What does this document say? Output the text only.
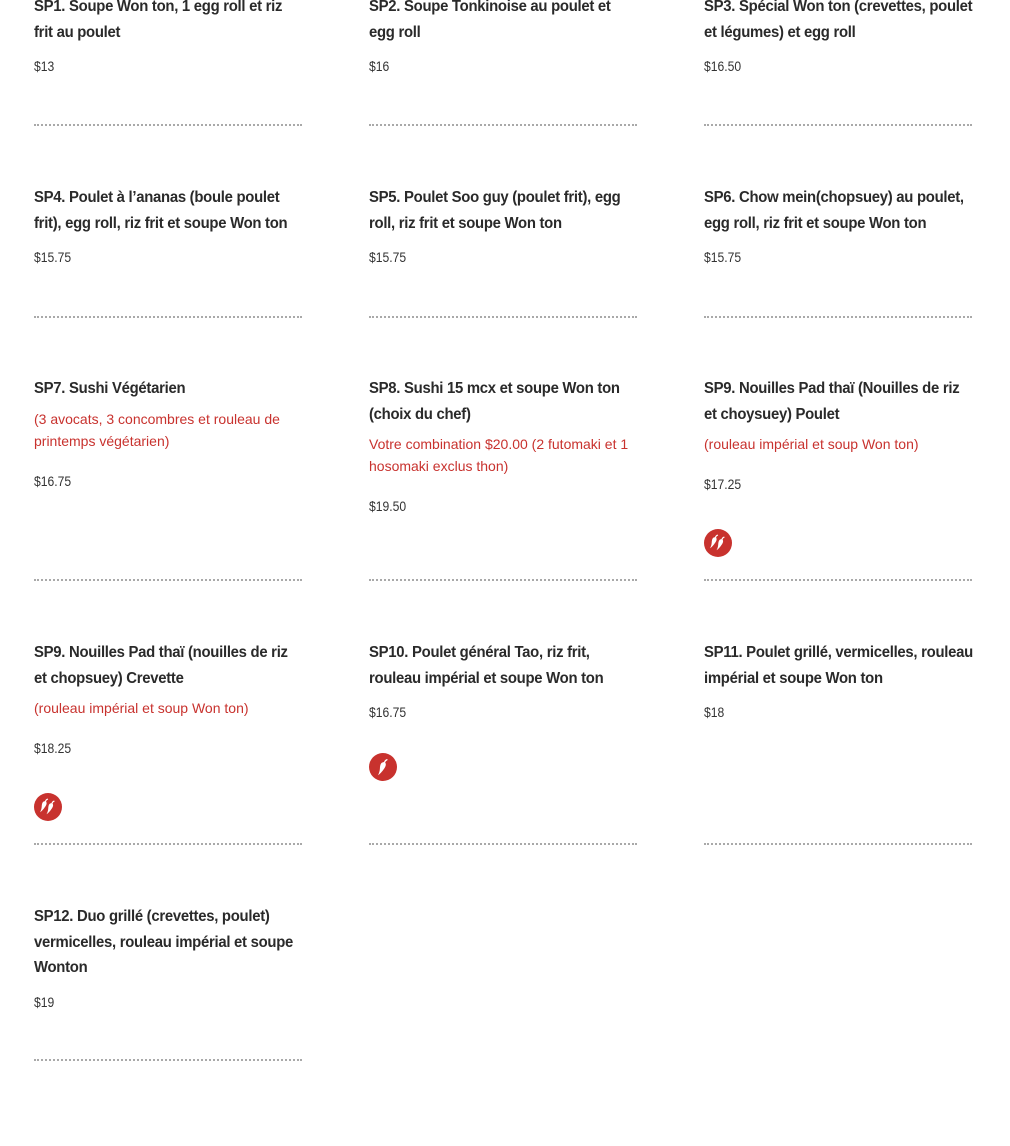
SP1. Soupe Won ton, 1 egg roll et riz frit au poulet

$13

SP2. Soupe Tonkinoise au poulet et egg roll

$16

SP3. Spécial Won ton (crevettes, poulet et légumes) et egg roll

$16.50

SP4. Poulet à l’ananas (boule poulet frit), egg roll, riz frit et soupe Won ton

$15.75

SP5. Poulet Soo guy (poulet frit), egg roll, riz frit et soupe Won ton

$15.75

SP6. Chow mein(chopsuey) au poulet, egg roll, riz frit et soupe Won ton

$15.75

SP7. Sushi Végétarien

(3 avocats, 3 concombres et rouleau de printemps végétarien)

$16.75

SP8. Sushi 15 mcx et soupe Won ton (choix du chef)

Votre combination $20.00 (2 futomaki et 1 hosomaki exclus thon)

$19.50

SP9. Nouilles Pad thaï (Nouilles de riz et choysuey) Poulet

(rouleau impérial et soup Won ton)

$17.25

SP9. Nouilles Pad thaï (nouilles de riz et chopsuey) Crevette

(rouleau impérial et soup Won ton)

$18.25

SP10. Poulet général Tao, riz frit, rouleau impérial et soupe Won ton

$16.75

SP11. Poulet grillé, vermicelles, rouleau impérial et soupe Won ton

$18

SP12. Duo grillé (crevettes, poulet) vermicelles, rouleau impérial et soupe Wonton

$19
